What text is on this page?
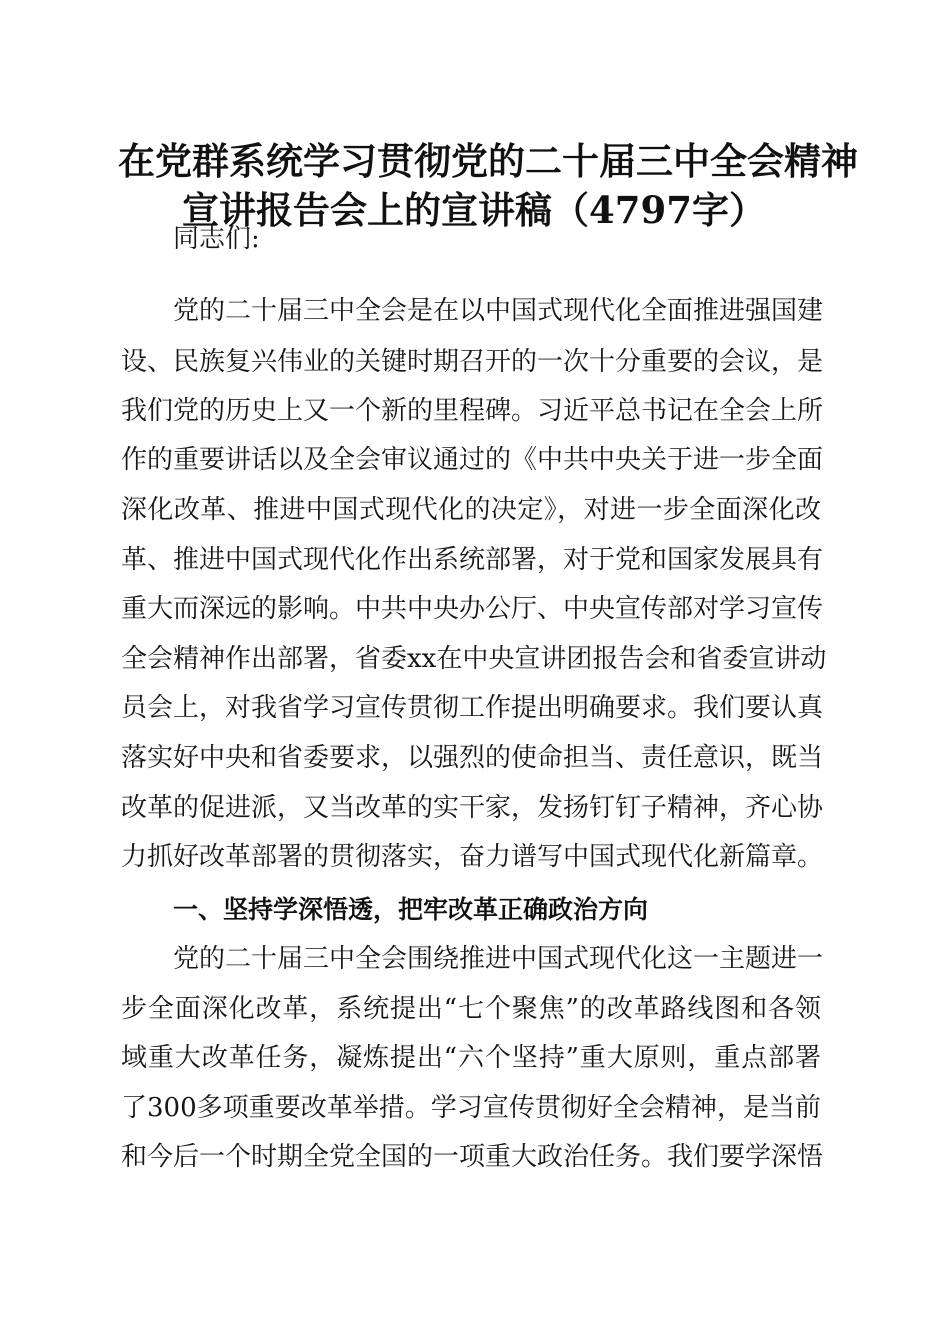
在党群系统学习贯彻党的二十届三中全会精神
宣讲报告会上的宣讲稿（4797字）
同志们:
党的二十届三中全会是在以中国式现代化全面推进强国建
设、民族复兴伟业的关键时期召开的一次十分重要的会议，是
我们党的历史上又一个新的里程碑。习近平总书记在全会上所
作的重要讲话以及全会审议通过的《中共中央关于进一步全面
深化改革、推进中国式现代化的决定》，对进一步全面深化改
革、推进中国式现代化作出系统部署，对于党和国家发展具有
重大而深远的影响。中共中央办公厅、中央宣传部对学习宣传
全会精神作出部署，省委xx在中央宣讲团报告会和省委宣讲动
员会上，对我省学习宣传贯彻工作提出明确要求。我们要认真
落实好中央和省委要求，以强烈的使命担当、责任意识，既当
改革的促进派，又当改革的实干家，发扬钉钉子精神，齐心协
力抓好改革部署的贯彻落实，奋力谱写中国式现代化新篇章。
一、坚持学深悟透，把牢改革正确政治方向
党的二十届三中全会围绕推进中国式现代化这一主题进一
步全面深化改革，系统提出“七个聚焦”的改革路线图和各领
域重大改革任务，凝炼提出“六个坚持”重大原则，重点部署
了300多项重要改革举措。学习宣传贯彻好全会精神，是当前
和今后一个时期全党全国的一项重大政治任务。我们要学深悟
